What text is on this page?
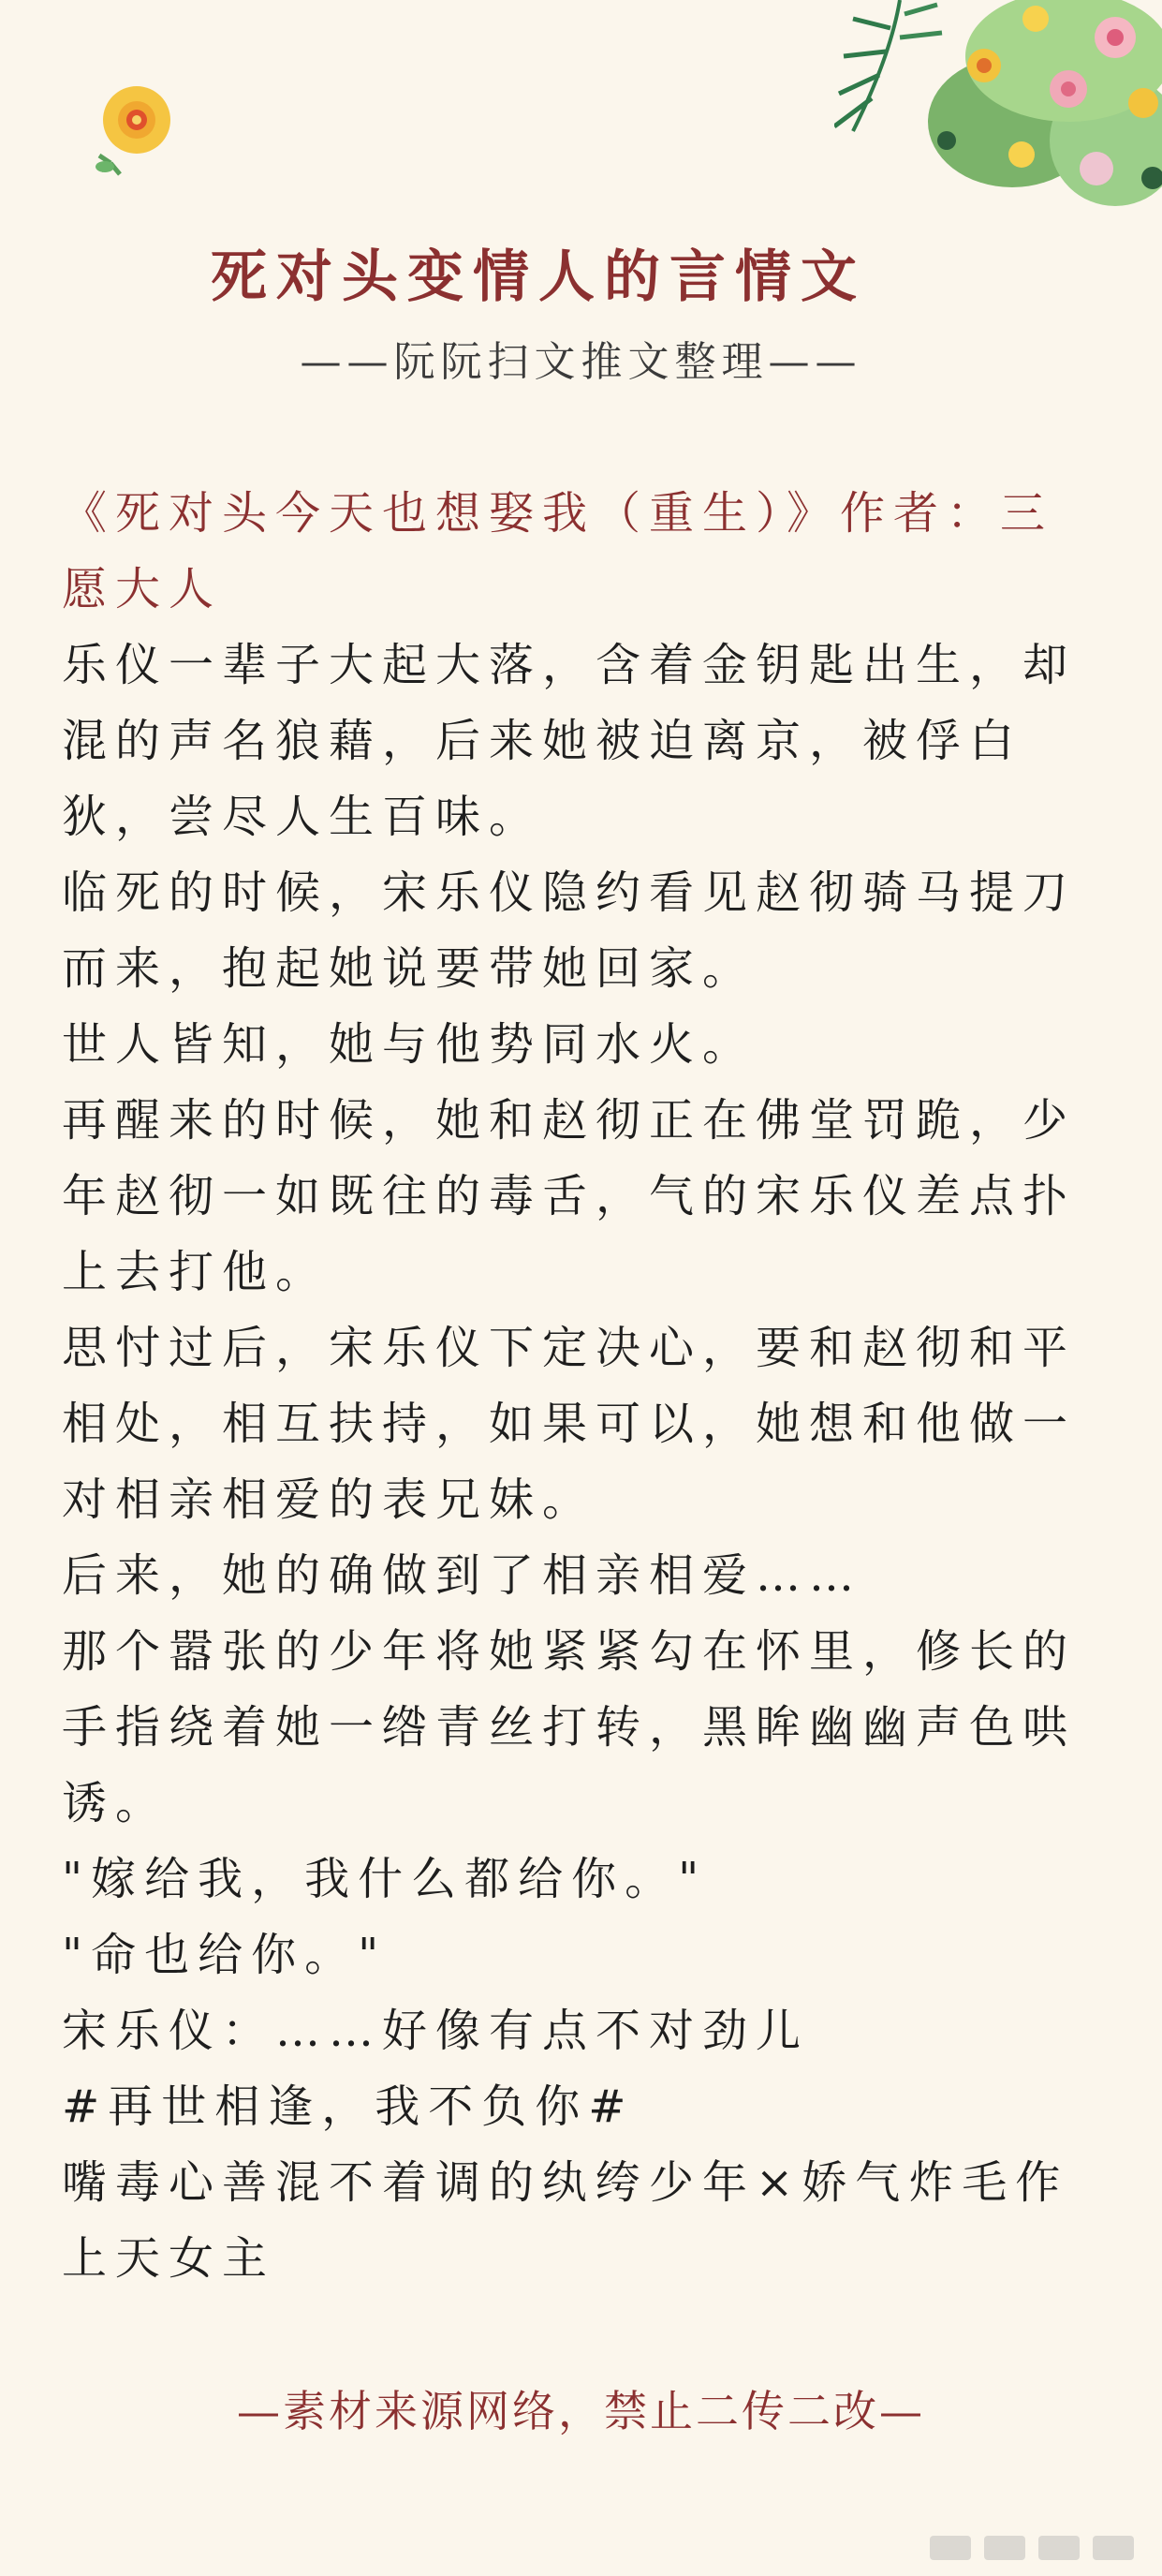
死对头变情人的言情文
——阮阮扫文推文整理——

《死对头今天也想娶我（重生）》作者：三愿大人

乐仪一辈子大起大落，含着金钥匙出生，却混的声名狼藉，后来她被迫离京，被俘白狄，尝尽人生百味。

临死的时候，宋乐仪隐约看见赵彻骑马提刀而来，抱起她说要带她回家。

世人皆知，她与他势同水火。

再醒来的时候，她和赵彻正在佛堂罚跪，少年赵彻一如既往的毒舌，气的宋乐仪差点扑上去打他。

思忖过后，宋乐仪下定决心，要和赵彻和平相处，相互扶持，如果可以，她想和他做一对相亲相爱的表兄妹。

后来，她的确做到了相亲相爱……

那个嚣张的少年将她紧紧勾在怀里，修长的手指绕着她一绺青丝打转，黑眸幽幽声色哄诱。

"嫁给我，我什么都给你。"

"命也给你。"

宋乐仪：……好像有点不对劲儿

#再世相逢，我不负你#

嘴毒心善混不着调的纨绔少年×娇气炸毛作上天女主

—素材来源网络，禁止二传二改—
